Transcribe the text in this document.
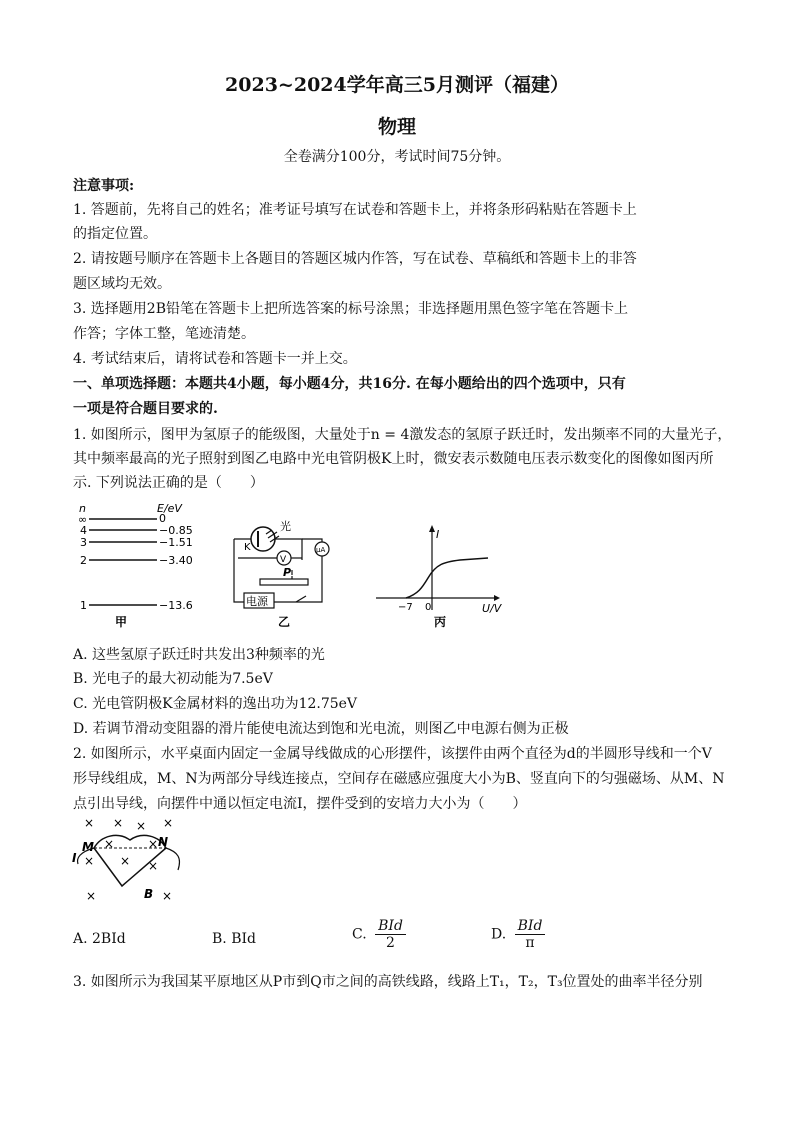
2023~2024学年高三5月测评（福建）
物理
全卷满分100分，考试时间75分钟。
注意事项:
1. 答题前，先将自己的姓名；准考证号填写在试卷和答题卡上，并将条形码粘贴在答题卡上
的指定位置。
2. 请按题号顺序在答题卡上各题目的答题区城内作答，写在试卷、草稿纸和答题卡上的非答
题区域均无效。
3. 选择题用2B铅笔在答题卡上把所选答案的标号涂黑；非选择题用黑色签字笔在答题卡上
作答；字体工整，笔迹清楚。
4. 考试结束后，请将试卷和答题卡一并上交。
一、单项选择题：本题共4小题，每小题4分，共16分. 在每小题给出的四个选项中，只有
一项是符合题目要求的.
1. 如图所示，图甲为氢原子的能级图，大量处于n = 4激发态的氢原子跃迁时，发出频率不同的大量光子，
其中频率最高的光子照射到图乙电路中光电管阴极K上时，微安表示数随电压表示数变化的图像如图丙所
示. 下列说法正确的是（　　）
n	E/eV
∞	0
4	−0.85
3	−1.51
2	−3.40
1	−13.6
甲
光
K
V
μA
P
电源
乙
I
U/V
−7 0
丙
A. 这些氢原子跃迁时共发出3种频率的光
B. 光电子的最大初动能为7.5eV
C. 光电管阴极K金属材料的逸出功为12.75eV
D. 若调节滑动变阻器的滑片能使电流达到饱和光电流，则图乙中电源右侧为正极
2. 如图所示，水平桌面内固定一金属导线做成的心形摆件，该摆件由两个直径为d的半圆形导线和一个V
形导线组成，M、N为两部分导线连接点，空间存在磁感应强度大小为B、竖直向下的匀强磁场、从M、N
点引出导线，向摆件中通以恒定电流I，摆件受到的安培力大小为（　　）
× × × ×
×	×
× × ×
×	×
M	N
I
B
A. 2BId	B. BId	C. $\frac{\text{BId}}{2}$	D. $\frac{\text{BId}}{\pi}$
3. 如图所示为我国某平原地区从P市到Q市之间的高铁线路，线路上T₁，T₂，T₃位置处的曲率半径分别
